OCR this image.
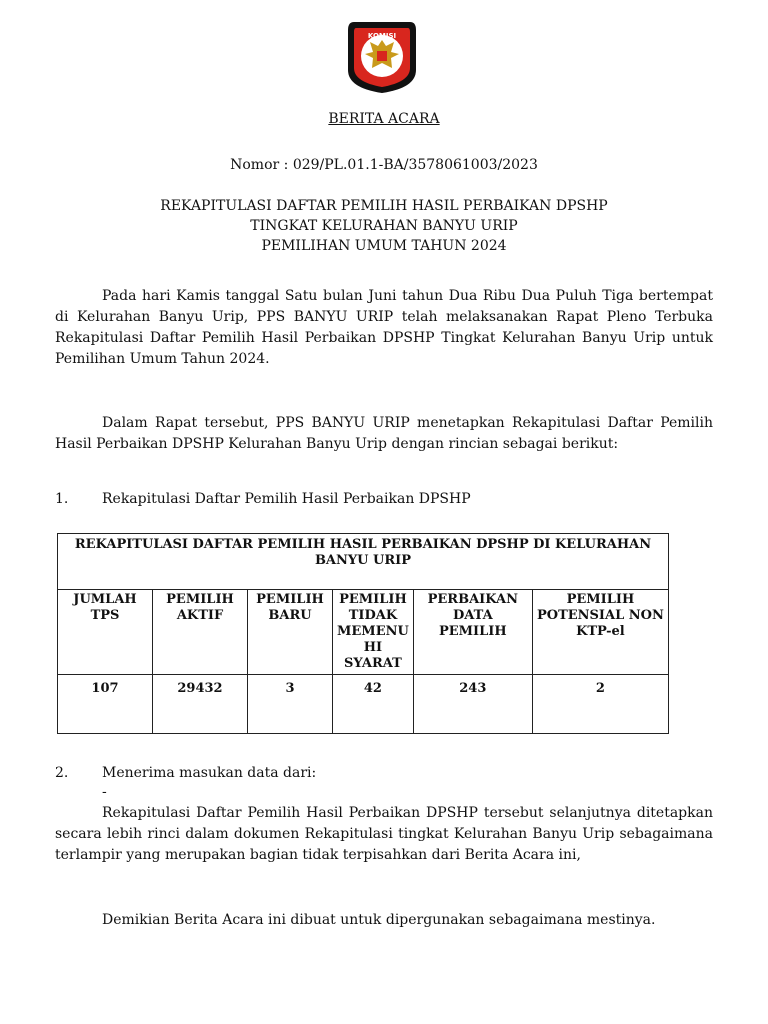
KOMISI
BERITA ACARA
Nomor : 029/PL.01.1-BA/3578061003/2023
REKAPITULASI DAFTAR PEMILIH HASIL PERBAIKAN DPSHP
TINGKAT KELURAHAN BANYU URIP
PEMILIHAN UMUM TAHUN 2024
Pada hari Kamis tanggal Satu bulan Juni tahun Dua Ribu Dua Puluh Tiga bertempat di Kelurahan Banyu Urip, PPS BANYU URIP telah melaksanakan Rapat Pleno Terbuka Rekapitulasi Daftar Pemilih Hasil Perbaikan DPSHP Tingkat Kelurahan Banyu Urip untuk Pemilihan Umum Tahun 2024.
Dalam Rapat tersebut, PPS BANYU URIP menetapkan Rekapitulasi Daftar Pemilih Hasil Perbaikan DPSHP Kelurahan Banyu Urip dengan rincian sebagai berikut:
1. Rekapitulasi Daftar Pemilih Hasil Perbaikan DPSHP
REKAPITULASI DAFTAR PEMILIH HASIL PERBAIKAN DPSHP DI KELURAHAN BANYU URIP					
JUMLAH TPS	PEMILIH AKTIF	PEMILIH BARU	PEMILIH TIDAK MEMENU HI SYARAT	PERBAIKAN DATA PEMILIH	PEMILIH POTENSIAL NON KTP-el
107	29432	3	42	243	2
2. Menerima masukan data dari:
-
Rekapitulasi Daftar Pemilih Hasil Perbaikan DPSHP tersebut selanjutnya ditetapkan secara lebih rinci dalam dokumen Rekapitulasi tingkat Kelurahan Banyu Urip sebagaimana terlampir yang merupakan bagian tidak terpisahkan dari Berita Acara ini,
Demikian Berita Acara ini dibuat untuk dipergunakan sebagaimana mestinya.
